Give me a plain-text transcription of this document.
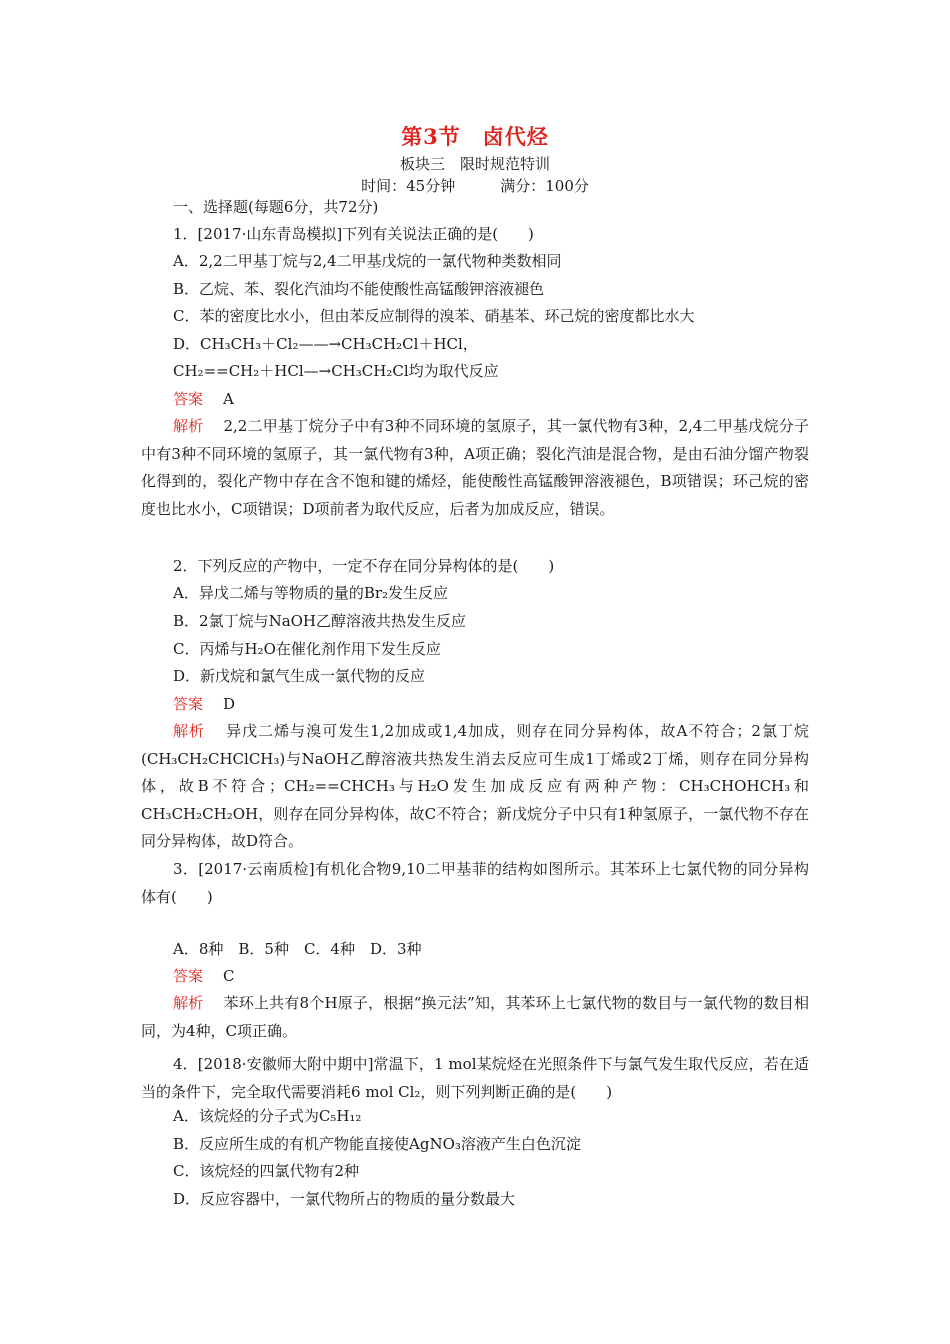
第3节　卤代烃
板块三　限时规范特训
时间：45分钟　　　满分：100分
一、选择题(每题6分，共72分)
1．[2017·山东青岛模拟]下列有关说法正确的是(　　)
A．2,2二甲基丁烷与2,4二甲基戊烷的一氯代物种类数相同
B．乙烷、苯、裂化汽油均不能使酸性高锰酸钾溶液褪色
C．苯的密度比水小，但由苯反应制得的溴苯、硝基苯、环己烷的密度都比水大
D．CH₃CH₃＋Cl₂——→CH₃CH₂Cl＋HCl，
CH₂==CH₂＋HCl—→CH₃CH₂Cl均为取代反应
答案 A
解析 2,2二甲基丁烷分子中有3种不同环境的氢原子，其一氯代物有3种，2,4二甲基戊烷分子中有3种不同环境的氢原子，其一氯代物有3种，A项正确；裂化汽油是混合物，是由石油分馏产物裂化得到的，裂化产物中存在含不饱和键的烯烃，能使酸性高锰酸钾溶液褪色，B项错误；环己烷的密度也比水小，C项错误；D项前者为取代反应，后者为加成反应，错误。
2．下列反应的产物中，一定不存在同分异构体的是(　　)
A．异戊二烯与等物质的量的Br₂发生反应
B．2氯丁烷与NaOH乙醇溶液共热发生反应
C．丙烯与H₂O在催化剂作用下发生反应
D．新戊烷和氯气生成一氯代物的反应
答案 D
解析 异戊二烯与溴可发生1,2加成或1,4加成，则存在同分异构体，故A不符合；2氯丁烷(CH₃CH₂CHClCH₃)与NaOH乙醇溶液共热发生消去反应可生成1丁烯或2丁烯，则存在同分异构体，故B不符合；CH₂==CHCH₃与H₂O发生加成反应有两种产物：CH₃CHOHCH₃和CH₃CH₂CH₂OH，则存在同分异构体，故C不符合；新戊烷分子中只有1种氢原子，一氯代物不存在同分异构体，故D符合。
3．[2017·云南质检]有机化合物9,10二甲基菲的结构如图所示。其苯环上七氯代物的同分异构体有(　　)
A．8种　B．5种　C．4种　D．3种
答案 C
解析 苯环上共有8个H原子，根据“换元法”知，其苯环上七氯代物的数目与一氯代物的数目相同，为4种，C项正确。
4．[2018·安徽师大附中期中]常温下，1 mol某烷烃在光照条件下与氯气发生取代反应，若在适当的条件下，完全取代需要消耗6 mol Cl₂，则下列判断正确的是(　　)
A．该烷烃的分子式为C₅H₁₂
B．反应所生成的有机产物能直接使AgNO₃溶液产生白色沉淀
C．该烷烃的四氯代物有2种
D．反应容器中，一氯代物所占的物质的量分数最大
